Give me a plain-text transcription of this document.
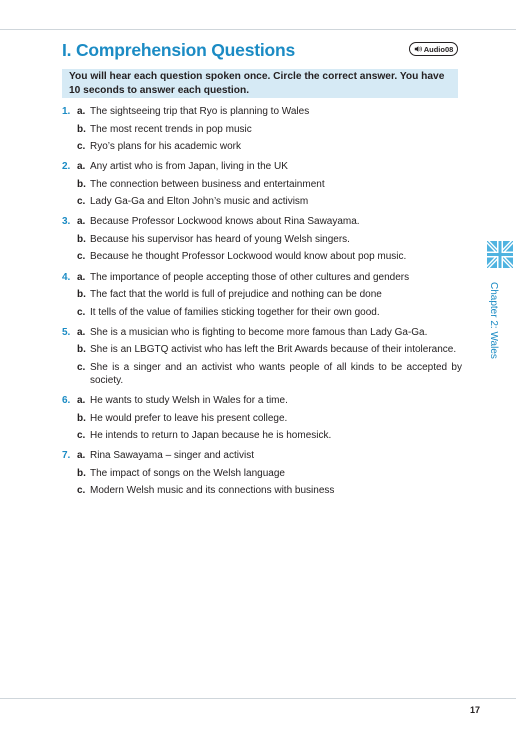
I. Comprehension Questions	Audio08
You will hear each question spoken once. Circle the correct answer. You have 10 seconds to answer each question.
1. a. The sightseeing trip that Ryo is planning to Wales
b. The most recent trends in pop music
c. Ryo’s plans for his academic work
2. a. Any artist who is from Japan, living in the UK
b. The connection between business and entertainment
c. Lady Ga-Ga and Elton John’s music and activism
3. a. Because Professor Lockwood knows about Rina Sawayama.
b. Because his supervisor has heard of young Welsh singers.
c. Because he thought Professor Lockwood would know about pop music.
4. a. The importance of people accepting those of other cultures and genders
b. The fact that the world is full of prejudice and nothing can be done
c. It tells of the value of families sticking together for their own good.
5. a. She is a musician who is fighting to become more famous than Lady Ga-Ga.
b. She is an LBGTQ activist who has left the Brit Awards because of their intolerance.
c. She is a singer and an activist who wants people of all kinds to be accepted by society.
6. a. He wants to study Welsh in Wales for a time.
b. He would prefer to leave his present college.
c. He intends to return to Japan because he is homesick.
7. a. Rina Sawayama – singer and activist
b. The impact of songs on the Welsh language
c. Modern Welsh music and its connections with business
Chapter 2: Wales
17
